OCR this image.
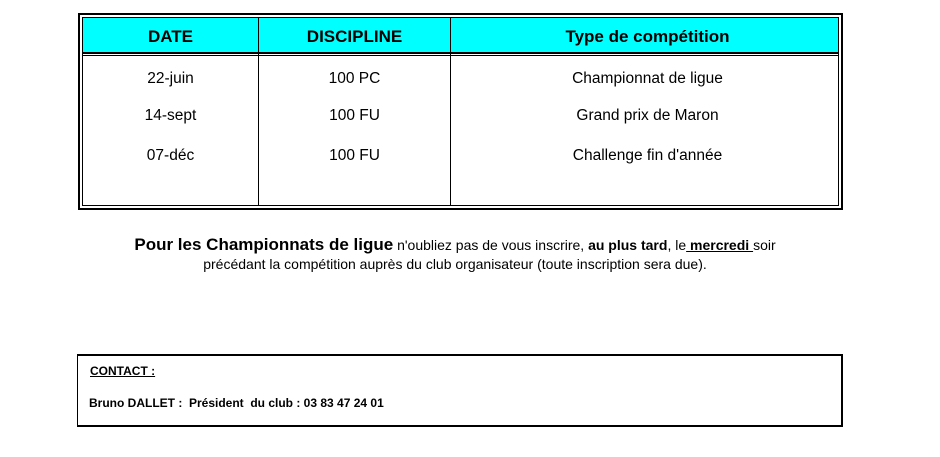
DATE	DISCIPLINE	Type de compétition
22-juin	100 PC	Championnat de ligue
14-sept	100 FU	Grand prix de Maron
07-déc	100 FU	Challenge fin d'année
Pour les Championnats de ligue n'oubliez pas de vous inscrire, au plus tard, le mercredi soir
précédant la compétition auprès du club organisateur (toute inscription sera due).
CONTACT :
Bruno DALLET :  Président  du club : 03 83 47 24 01
